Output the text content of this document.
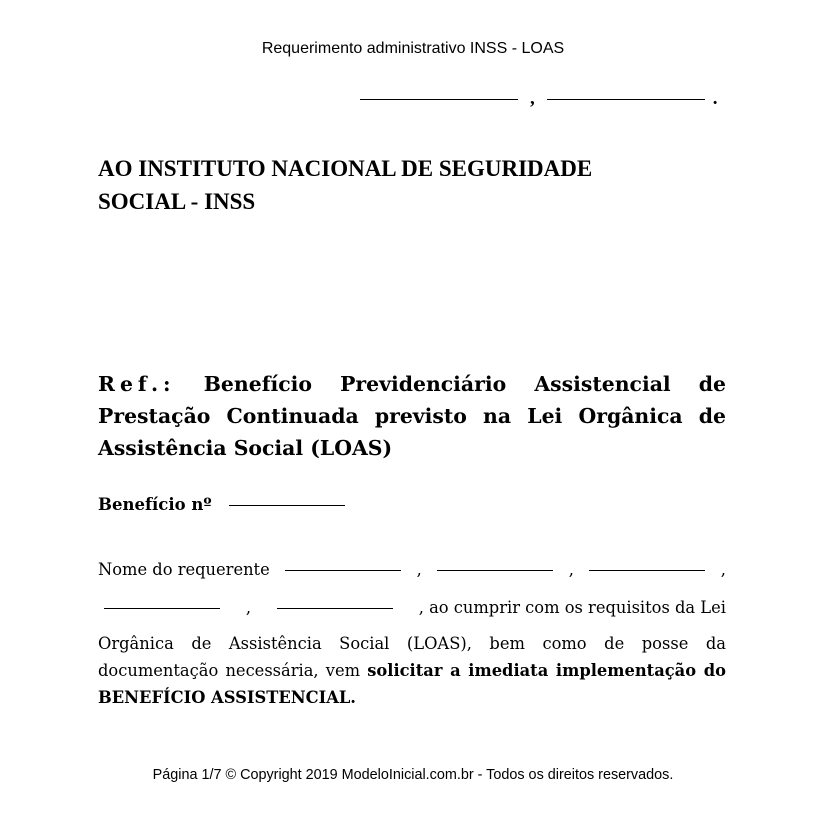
Requerimento administrativo INSS - LOAS
,	.
AO INSTITUTO NACIONAL DE SEGURIDADE
SOCIAL - INSS
Ref.: Benefício Previdenciário Assistencial de Prestação Continuada previsto na Lei Orgânica de Assistência Social (LOAS)
Benefício nº
Nome do requerente	,	,	,
,	, ao cumprir com os requisitos da Lei
Orgânica de Assistência Social (LOAS), bem como de posse da documentação necessária, vem solicitar a imediata implementação do BENEFÍCIO ASSISTENCIAL.
Página 1/7 © Copyright 2019 ModeloInicial.com.br - Todos os direitos reservados.
